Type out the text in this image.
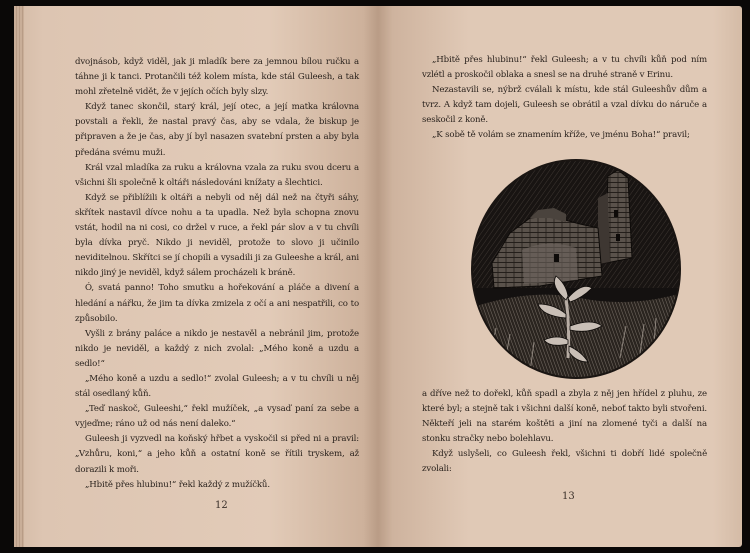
dvojnásob, když viděl, jak ji mladík bere za jemnou bílou ručku a táhne ji k tanci. Protančili též kolem místa, kde stál Guleesh, a tak mohl zřetelně vidět, že v jejích očích byly slzy.

Když tanec skončil, starý král, její otec, a její matka královna povstali a řekli, že nastal pravý čas, aby se vdala, že biskup je připraven a že je čas, aby jí byl nasazen svatební prsten a aby byla předána svému muži.

Král vzal mladíka za ruku a královna vzala za ruku svou dceru a všichni šli společně k oltáři následováni knížaty a šlechtici.

Když se přiblížili k oltáři a nebyli od něj dál než na čtyři sáhy, skřítek nastavil dívce nohu a ta upadla. Než byla schopna znovu vstát, hodil na ni cosi, co držel v ruce, a řekl pár slov a v tu chvíli byla dívka pryč. Nikdo ji neviděl, protože to slovo ji učinilo neviditelnou. Skřítci se jí chopili a vysadili ji za Guleeshe a král, ani nikdo jiný je neviděl, když sálem procházeli k bráně.

Ó, svatá panno! Toho smutku a hořekování a pláče a divení a hledání a nářku, že jim ta dívka zmizela z očí a ani nespatřili, co to způsobilo.

Vyšli z brány paláce a nikdo je nestavěl a nebránil jim, protože nikdo je neviděl, a každý z nich zvolal: „Mého koně a uzdu a sedlo!“

„Mého koně a uzdu a sedlo!“ zvolal Guleesh; a v tu chvíli u něj stál osedlaný kůň.

„Teď naskoč, Guleeshi,“ řekl mužíček, „a vysaď paní za sebe a vyjeďme; ráno už od nás není daleko.“

Guleesh ji vyzvedl na koňský hřbet a vyskočil si před ni a pravil: „Vzhůru, koni,“ a jeho kůň a ostatní koně se řítili tryskem, až dorazili k moři.

„Hbitě přes hlubinu!“ řekl každý z mužíčků.

12

„Hbitě přes hlubinu!“ řekl Guleesh; a v tu chvíli kůň pod ním vzlétl a proskočil oblaka a snesl se na druhé straně v Erinu.

Nezastavili se, nýbrž cválali k místu, kde stál Guleeshův dům a tvrz. A když tam dojeli, Guleesh se obrátil a vzal dívku do náruče a seskočil z koně.

„K sobě tě volám se znamením kříže, ve jménu Boha!“ pravil;

a dříve než to dořekl, kůň spadl a zbyla z něj jen hřídel z pluhu, ze které byl; a stejně tak i všichni další koně, neboť takto byli stvořeni. Někteří jeli na starém koštěti a jiní na zlomené tyči a další na stonku stračky nebo bolehlavu.

Když uslyšeli, co Guleesh řekl, všichni ti dobří lidé společně zvolali:

13
